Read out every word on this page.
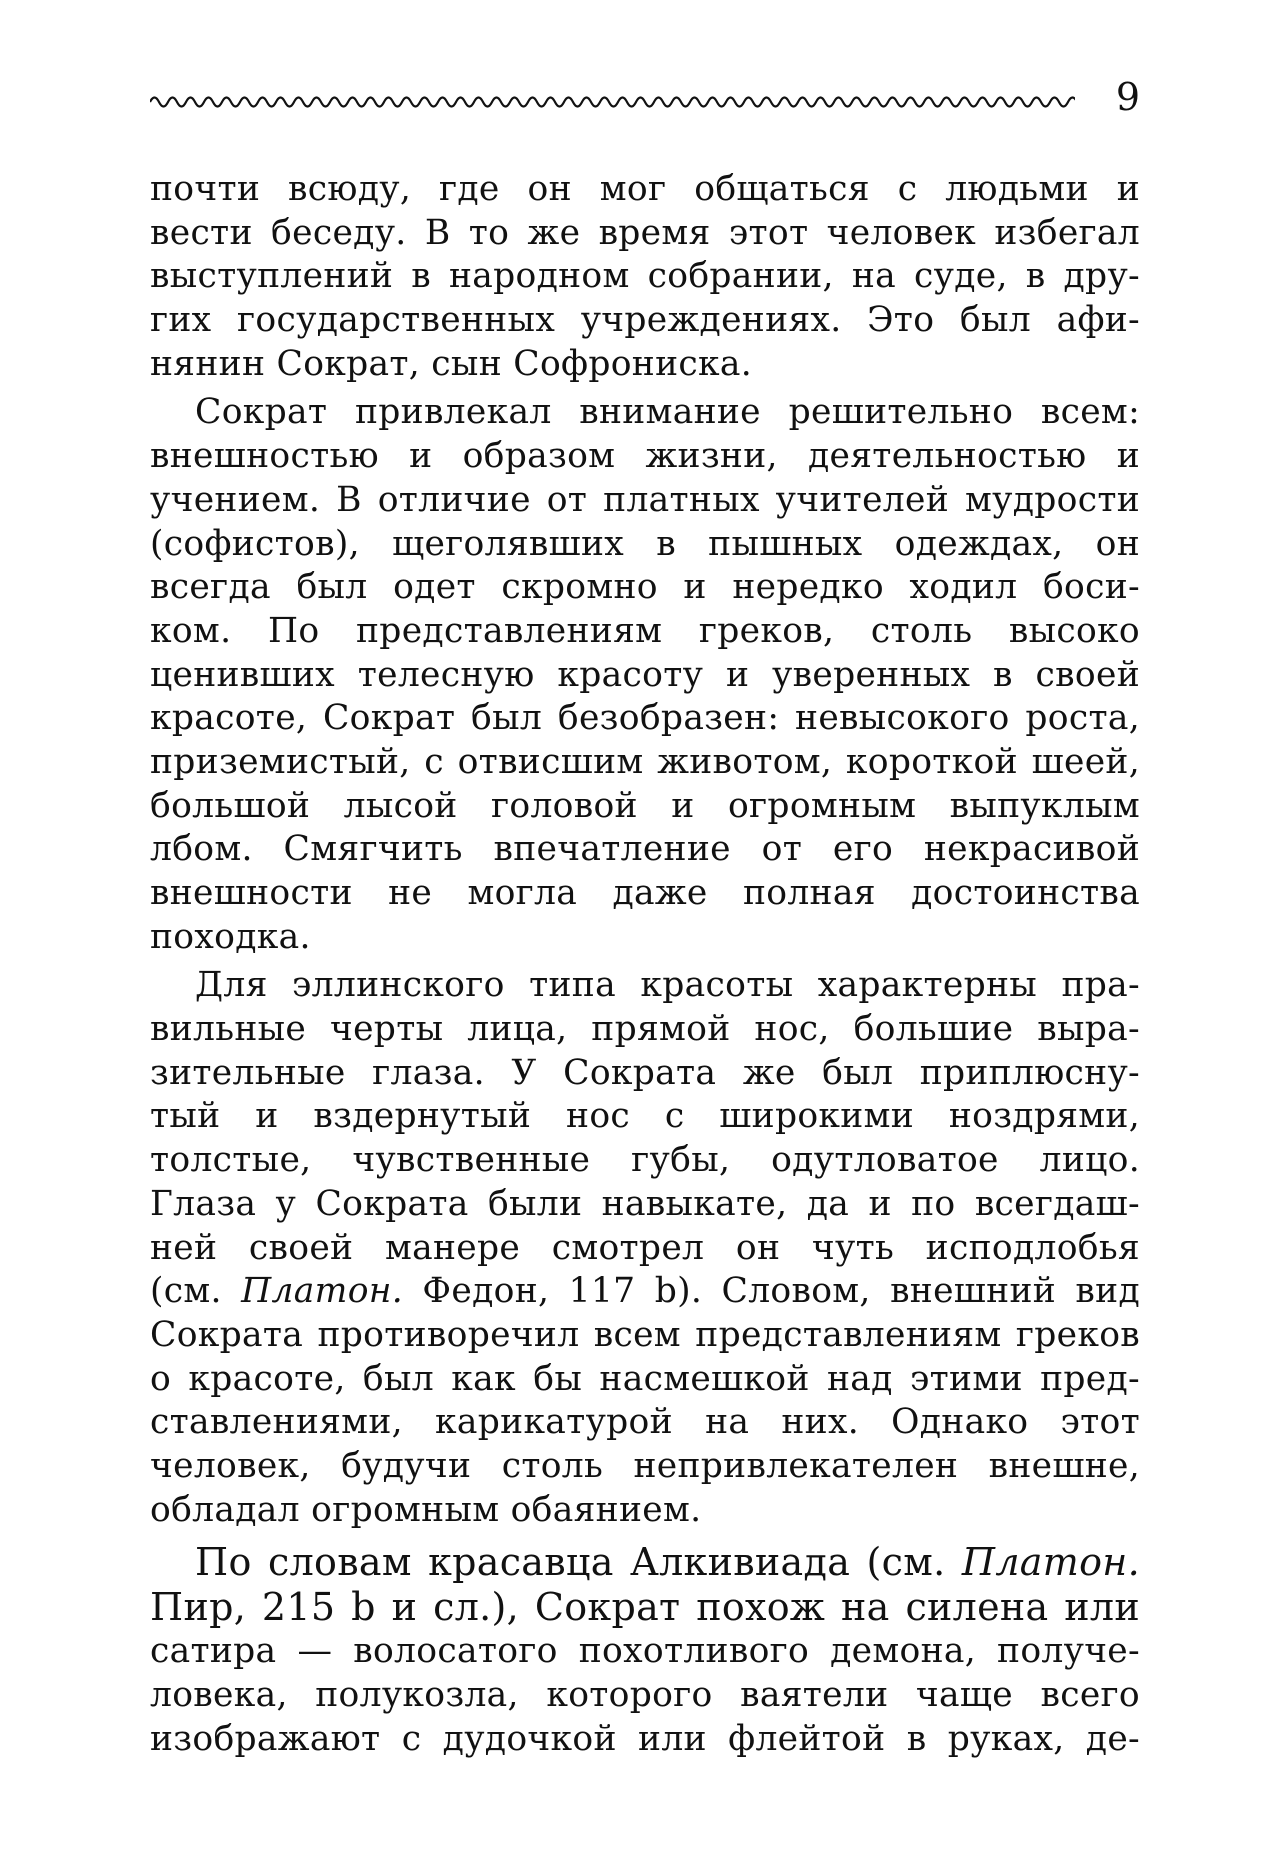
9
почти всюду, где он мог общаться с людьми и
вести беседу. В то же время этот человек избегал
выступлений в народном собрании, на суде, в дру-
гих государственных учреждениях. Это был афи-
нянин Сократ, сын Софрониска.
Сократ привлекал внимание решительно всем:
внешностью и образом жизни, деятельностью и
учением. В отличие от платных учителей мудрости
(софистов), щеголявших в пышных одеждах, он
всегда был одет скромно и нередко ходил боси-
ком. По представлениям греков, столь высоко
ценивших телесную красоту и уверенных в своей
красоте, Сократ был безобразен: невысокого роста,
приземистый, с отвисшим животом, короткой шеей,
большой лысой головой и огромным выпуклым
лбом. Смягчить впечатление от его некрасивой
внешности не могла даже полная достоинства
походка.
Для эллинского типа красоты характерны пра-
вильные черты лица, прямой нос, большие выра-
зительные глаза. У Сократа же был приплюсну-
тый и вздернутый нос с широкими ноздрями,
толстые, чувственные губы, одутловатое лицо.
Глаза у Сократа были навыкате, да и по всегдаш-
ней своей манере смотрел он чуть исподлобья
(см. Платон. Федон, 117 b). Словом, внешний вид
Сократа противоречил всем представлениям греков
о красоте, был как бы насмешкой над этими пред-
ставлениями, карикатурой на них. Однако этот
человек, будучи столь непривлекателен внешне,
обладал огромным обаянием.
По словам красавца Алкивиада (см. Платон.
Пир, 215 b и сл.), Сократ похож на силена или
сатира — волосатого похотливого демона, получе-
ловека, полукозла, которого ваятели чаще всего
изображают с дудочкой или флейтой в руках, де-
